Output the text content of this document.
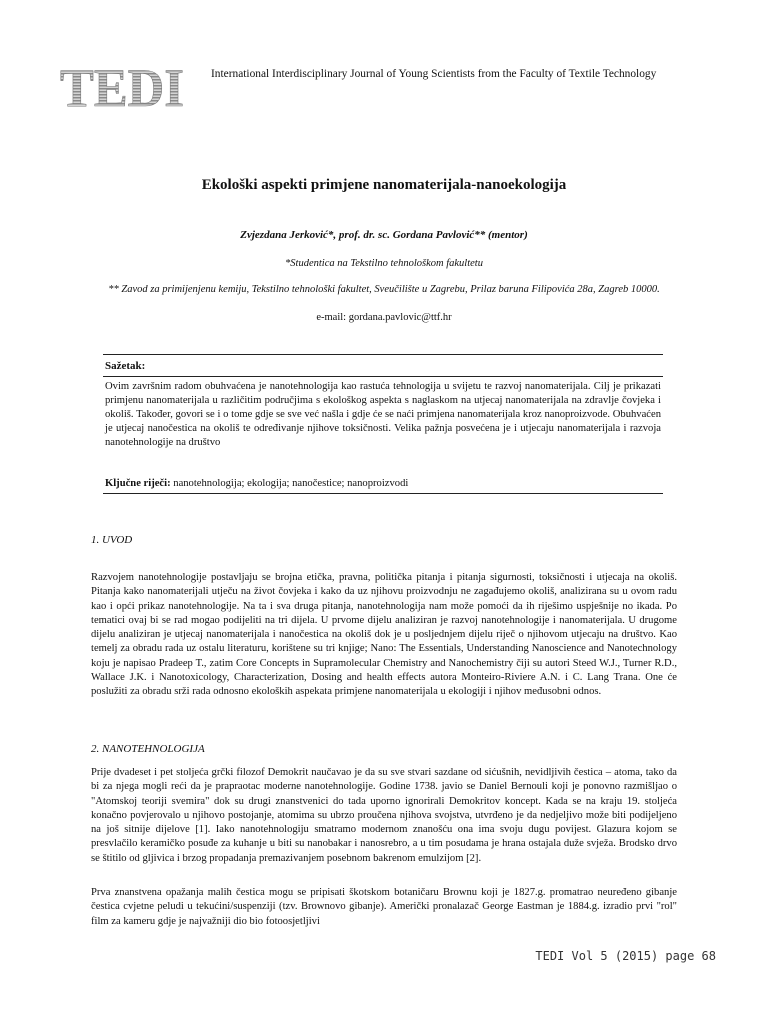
TEDI International Interdisciplinary Journal of Young Scientists from the Faculty of Textile Technology
Ekološki aspekti primjene nanomaterijala-nanoekologija
Zvjezdana Jerković*, prof. dr. sc. Gordana Pavlović** (mentor)
*Studentica na Tekstilno tehnološkom fakultetu
** Zavod za primijenjenu kemiju, Tekstilno tehnološki fakultet, Sveučilište u Zagrebu, Prilaz baruna Filipovića 28a, Zagreb 10000.
e-mail: gordana.pavlovic@ttf.hr
Sažetak:
Ovim završnim radom obuhvaćena je nanotehnologija kao rastuća tehnologija u svijetu te razvoj nanomaterijala. Cilj je prikazati primjenu nanomaterijala u različitim područjima s ekološkog aspekta s naglaskom na utjecaj nanomaterijala na zdravlje čovjeka i okoliš. Također, govori se i o tome gdje se sve već našla i gdje će se naći primjena nanomaterijala kroz nanoproizvode. Obuhvaćen je utjecaj nanočestica na okoliš te određivanje njihove toksičnosti. Velika pažnja posvećena je i utjecaju nanomaterijala i razvoja nanotehnologije na društvo
Ključne riječi: nanotehnologija; ekologija; nanočestice; nanoproizvodi
1. UVOD
Razvojem nanotehnologije postavljaju se brojna etička, pravna, politička pitanja i pitanja sigurnosti, toksičnosti i utjecaja na okoliš. Pitanja kako nanomaterijali utječu na život čovjeka i kako da uz njihovu proizvodnju ne zagađujemo okoliš, analizirana su u ovom radu kao i opći prikaz nanotehnologije. Na ta i sva druga pitanja, nanotehnologija nam može pomoći da ih riješimo uspješnije no ikada. Po tematici ovaj bi se rad mogao podijeliti na tri dijela. U prvome dijelu analiziran je razvoj nanotehnologije i nanomaterijala. U drugome dijelu analiziran je utjecaj nanomaterijala i nanočestica na okoliš dok je u posljednjem dijelu riječ o njihovom utjecaju na društvo. Kao temelj za obradu rada uz ostalu literaturu, korištene su tri knjige; Nano: The Essentials, Understanding Nanoscience and Nanotechnology koju je napisao Pradeep T., zatim Core Concepts in Supramolecular Chemistry and Nanochemistry čiji su autori Steed W.J., Turner R.D., Wallace J.K. i Nanotoxicology, Characterization, Dosing and health effects autora Monteiro-Riviere A.N. i C. Lang Trana. One će poslužiti za obradu srži rada odnosno ekoloških aspekata primjene nanomaterijala u ekologiji i njihov međusobni odnos.
2. NANOTEHNOLOGIJA
Prije dvadeset i pet stoljeća grčki filozof Demokrit naučavao je da su sve stvari sazdane od sićušnih, nevidljivih čestica – atoma, tako da bi za njega mogli reći da je prapraotac moderne nanotehnologije. Godine 1738. javio se Daniel Bernouli koji je ponovno razmišljao o "Atomskoj teoriji svemira" dok su drugi znanstvenici do tada uporno ignorirali Demokritov koncept. Kada se na kraju 19. stoljeća konačno povjerovalo u njihovo postojanje, atomima su ubrzo proučena njihova svojstva, utvrđeno je da nedjeljivo može biti podijeljeno na još sitnije dijelove [1]. Iako nanotehnologiju smatramo modernom znanošću ona ima svoju dugu povijest. Glazura kojom se presvlačilo keramičko posuđe za kuhanje u biti su nanobakar i nanosrebro, a u tim posudama je hrana ostajala duže svježa. Brodsko drvo se štitilo od gljivica i brzog propadanja premazivanjem posebnom bakrenom emulzijom [2].
Prva znanstvena opažanja malih čestica mogu se pripisati škotskom botaničaru Brownu koji je 1827.g. promatrao neuređeno gibanje čestica cvjetne peludi u tekućini/suspenziji (tzv. Brownovo gibanje). Američki pronalazač George Eastman je 1884.g. izradio prvi "rol" film za kameru gdje je najvažniji dio bio fotoosjetljivi
TEDI Vol 5 (2015) page 68
